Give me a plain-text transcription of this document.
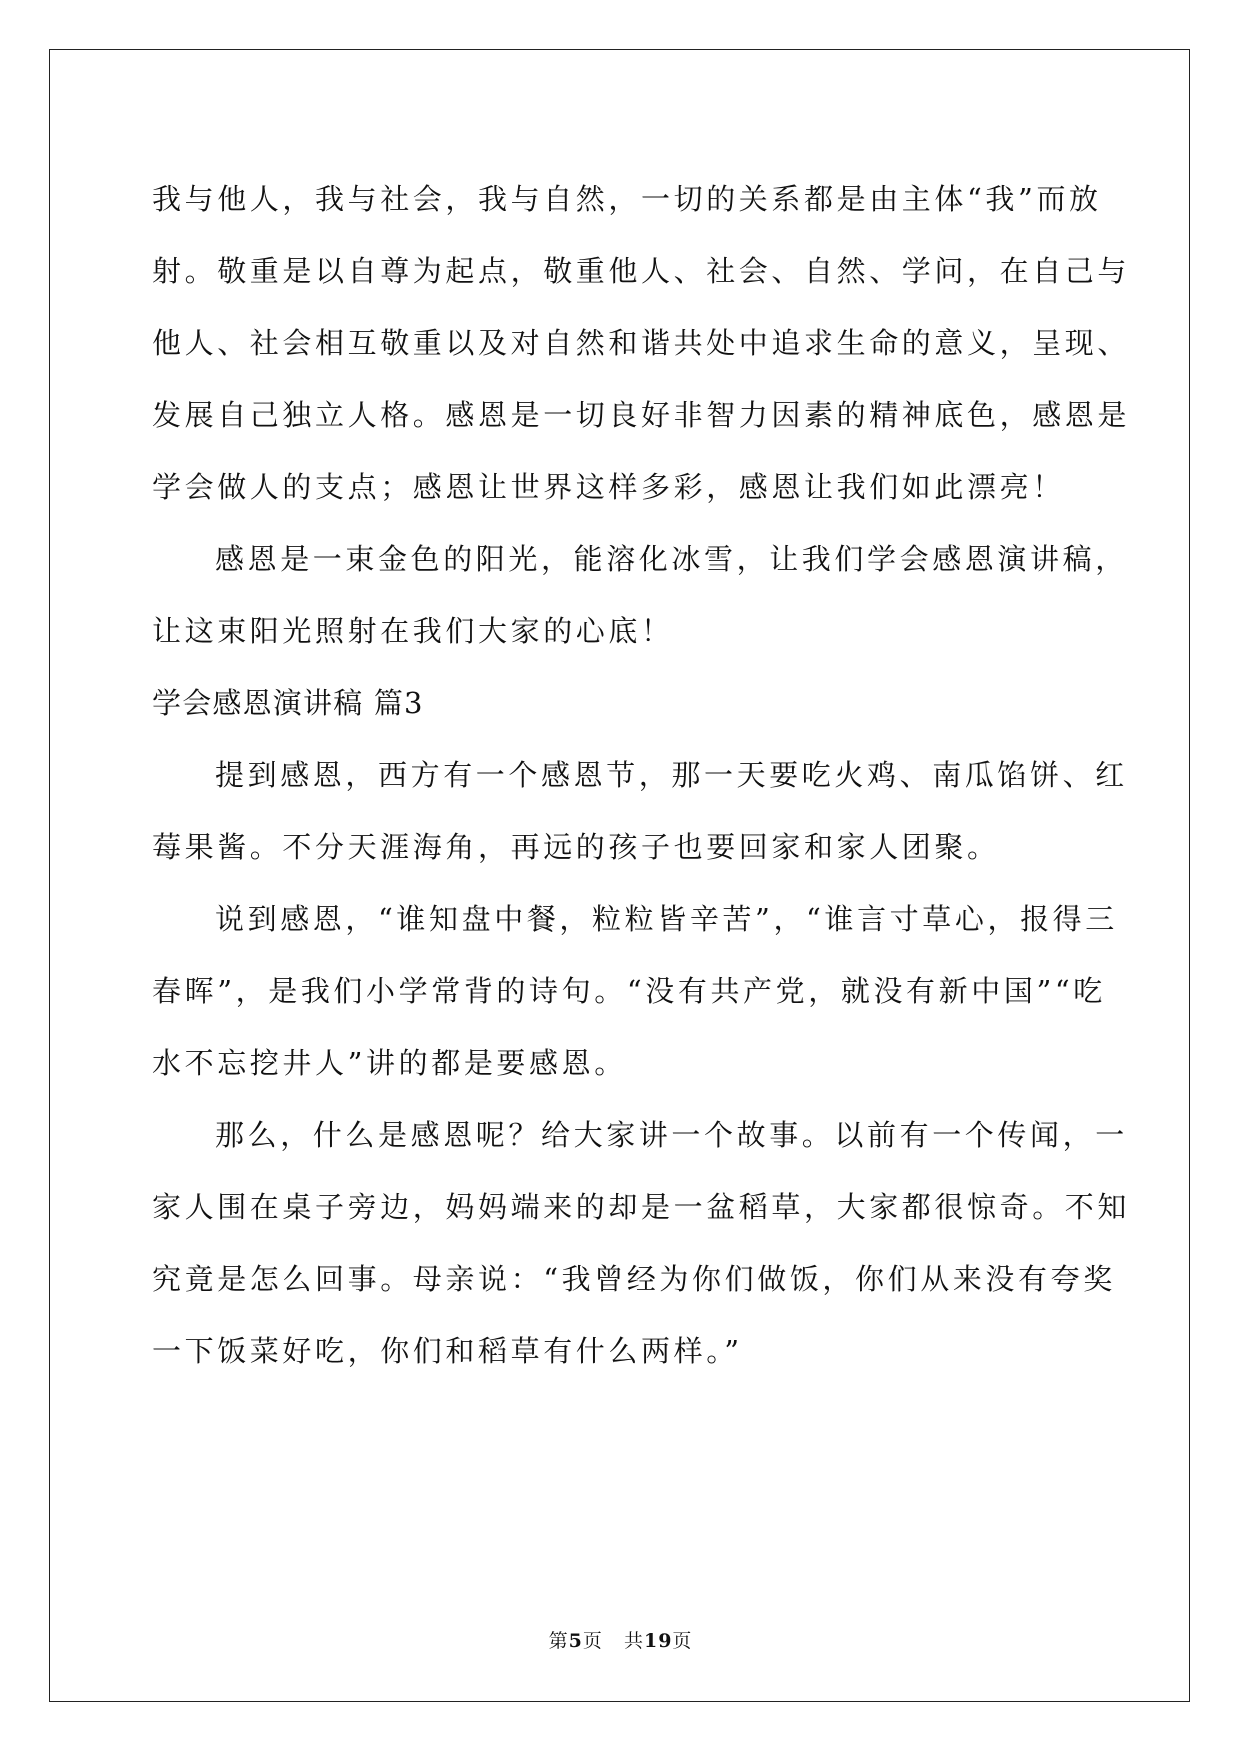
我与他人，我与社会，我与自然，一切的关系都是由主体“我”而放
射。敬重是以自尊为起点，敬重他人、社会、自然、学问，在自己与
他人、社会相互敬重以及对自然和谐共处中追求生命的意义，呈现、
发展自己独立人格。感恩是一切良好非智力因素的精神底色，感恩是
学会做人的支点；感恩让世界这样多彩，感恩让我们如此漂亮！
感恩是一束金色的阳光，能溶化冰雪，让我们学会感恩演讲稿，
让这束阳光照射在我们大家的心底！
学会感恩演讲稿 篇3
提到感恩，西方有一个感恩节，那一天要吃火鸡、南瓜馅饼、红
莓果酱。不分天涯海角，再远的孩子也要回家和家人团聚。
说到感恩，“谁知盘中餐，粒粒皆辛苦”，“谁言寸草心，报得三
春晖”，是我们小学常背的诗句。“没有共产党，就没有新中国”“吃
水不忘挖井人”讲的都是要感恩。
那么，什么是感恩呢？给大家讲一个故事。以前有一个传闻，一
家人围在桌子旁边，妈妈端来的却是一盆稻草，大家都很惊奇。不知
究竟是怎么回事。母亲说：“我曾经为你们做饭，你们从来没有夸奖
一下饭菜好吃，你们和稻草有什么两样。”
第5页 共19页
